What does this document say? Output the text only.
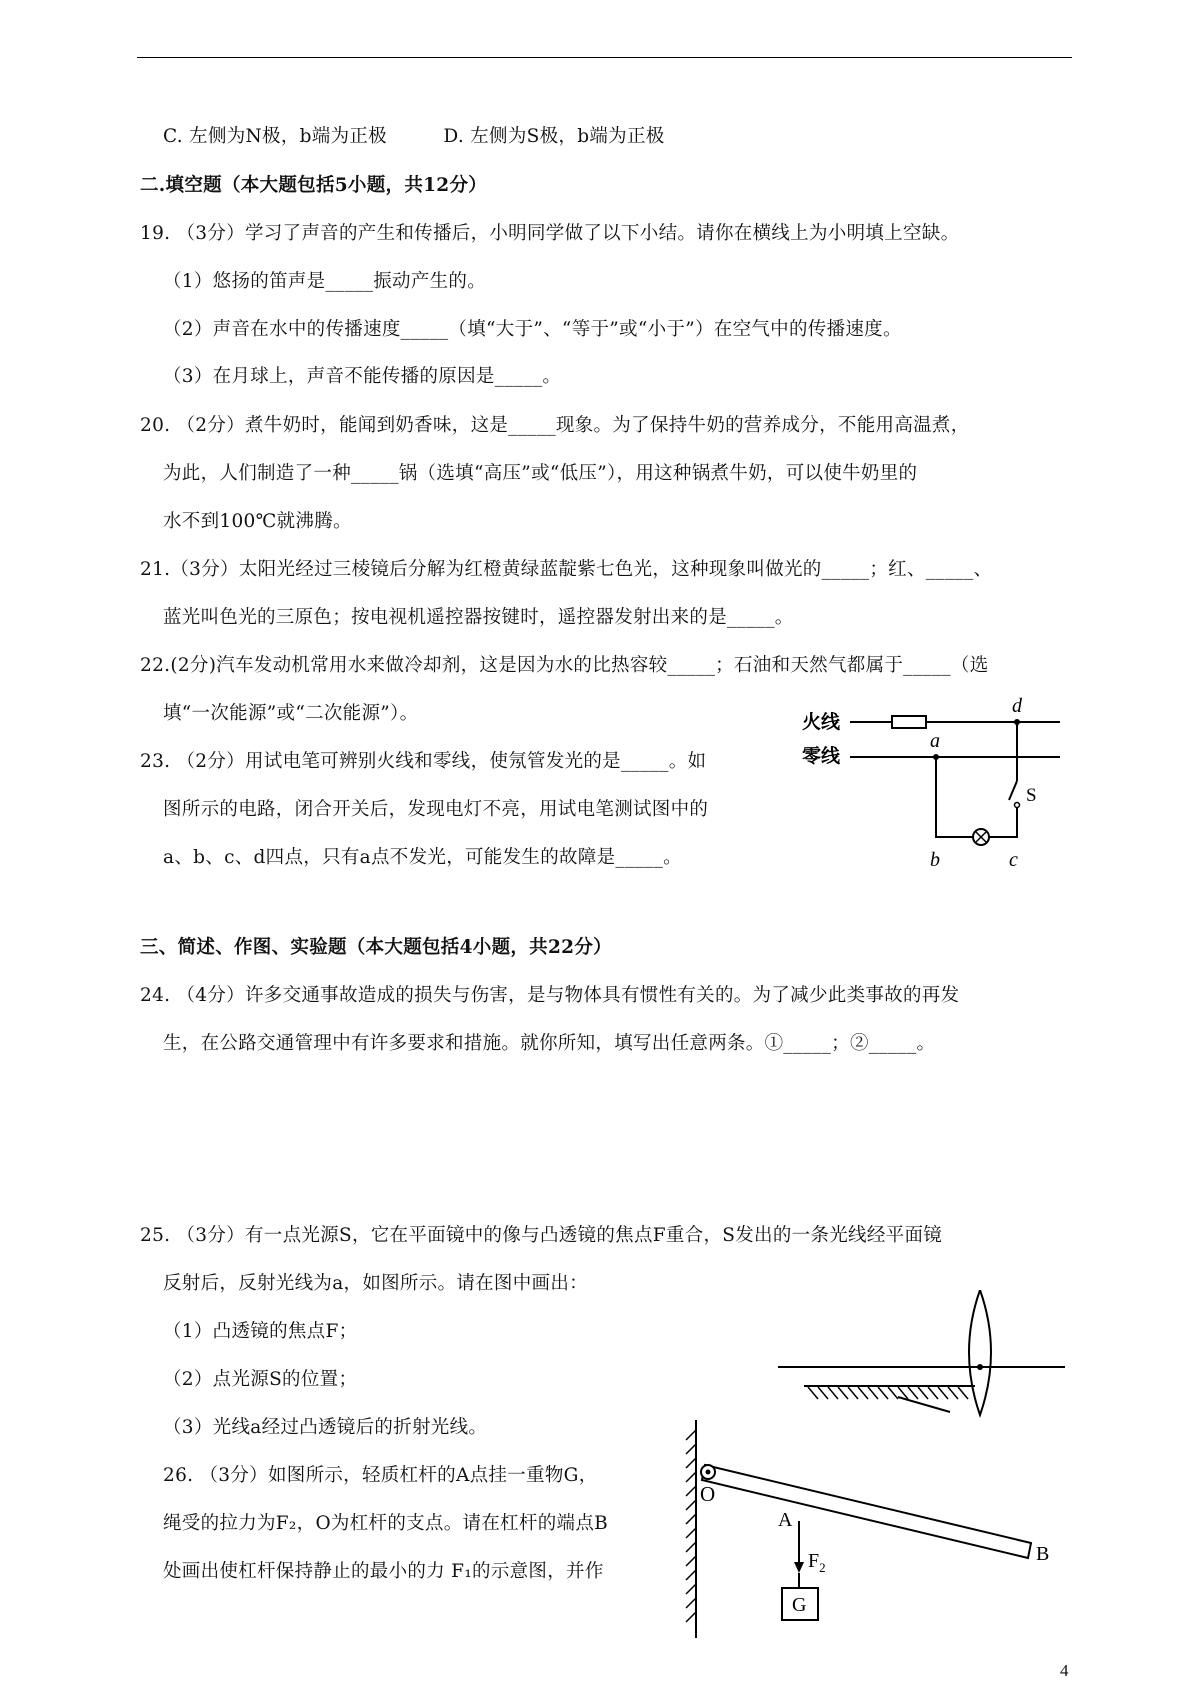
C. 左侧为N极，b端为正极　　　D. 左侧为S极，b端为正极
二.填空题（本大题包括5小题，共12分）
19. （3分）学习了声音的产生和传播后，小明同学做了以下小结。请你在横线上为小明填上空缺。
（1）悠扬的笛声是_____振动产生的。
（2）声音在水中的传播速度_____（填“大于”、“等于”或“小于”）在空气中的传播速度。
（3）在月球上，声音不能传播的原因是_____。
20. （2分）煮牛奶时，能闻到奶香味，这是_____现象。为了保持牛奶的营养成分，不能用高温煮，
为此，人们制造了一种_____锅（选填“高压”或“低压”），用这种锅煮牛奶，可以使牛奶里的
水不到100℃就沸腾。
21.（3分）太阳光经过三棱镜后分解为红橙黄绿蓝靛紫七色光，这种现象叫做光的_____；红、_____、
蓝光叫色光的三原色；按电视机遥控器按键时，遥控器发射出来的是_____。
22.(2分)汽车发动机常用水来做冷却剂，这是因为水的比热容较_____；石油和天然气都属于_____（选
填“一次能源”或“二次能源”）。
23. （2分）用试电笔可辨别火线和零线，使氖管发光的是_____。如
图所示的电路，闭合开关后，发现电灯不亮，用试电笔测试图中的
a、b、c、d四点，只有a点不发光，可能发生的故障是_____。
三、简述、作图、实验题（本大题包括4小题，共22分）
24. （4分）许多交通事故造成的损失与伤害，是与物体具有惯性有关的。为了减少此类事故的再发
生，在公路交通管理中有许多要求和措施。就你所知，填写出任意两条。①_____；②_____。
25. （3分）有一点光源S，它在平面镜中的像与凸透镜的焦点F重合，S发出的一条光线经平面镜
反射后，反射光线为a，如图所示。请在图中画出：
（1）凸透镜的焦点F；
（2）点光源S的位置；
（3）光线a经过凸透镜后的折射光线。
26. （3分）如图所示，轻质杠杆的A点挂一重物G，
绳受的拉力为F₂，O为杠杆的支点。请在杠杆的端点B
处画出使杠杆保持静止的最小的力 F₁的示意图，并作
火线
零线
d
a
S
b	c
O
A
B
$F_2$
G
4
